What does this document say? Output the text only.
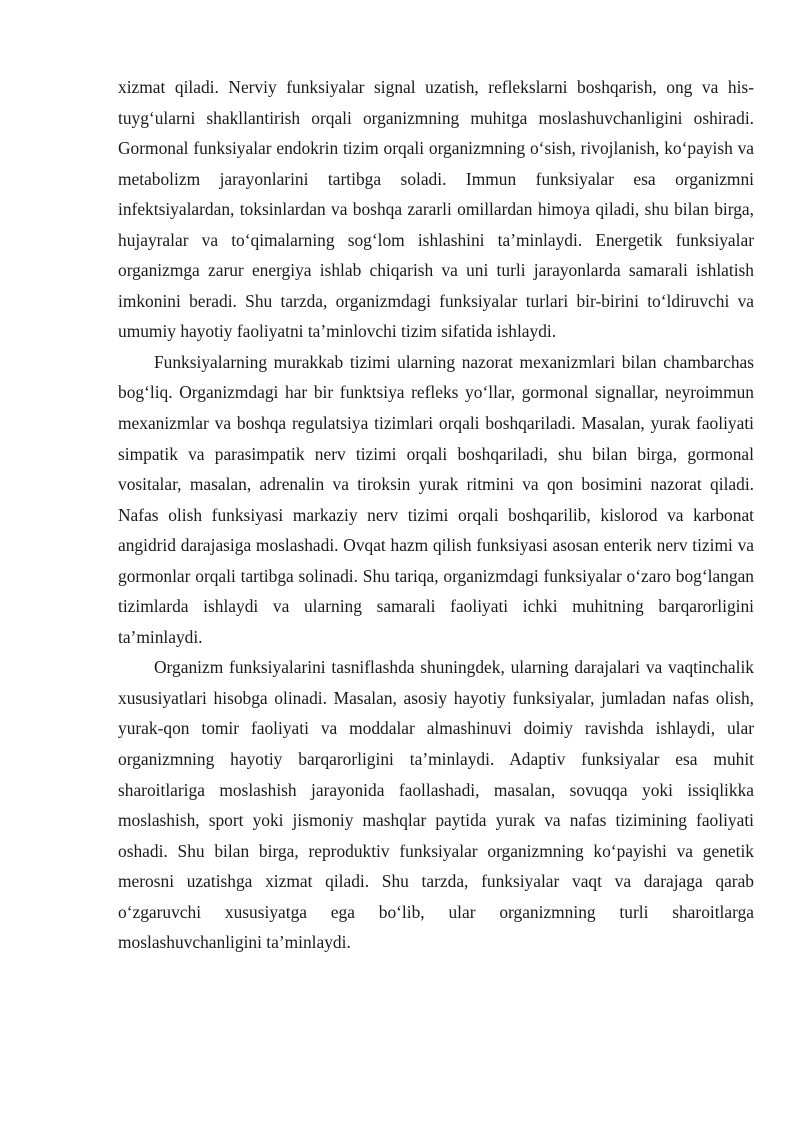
xizmat qiladi. Nerviy funksiyalar signal uzatish, reflekslarni boshqarish, ong va his-tuyg‘ularni shakllantirish orqali organizmning muhitga moslashuvchanligini oshiradi. Gormonal funksiyalar endokrin tizim orqali organizmning o‘sish, rivojlanish, ko‘payish va metabolizm jarayonlarini tartibga soladi. Immun funksiyalar esa organizmni infektsiyalardan, toksinlardan va boshqa zararli omillardan himoya qiladi, shu bilan birga, hujayralar va to‘qimalarning sog‘lom ishlashini ta’minlaydi. Energetik funksiyalar organizmga zarur energiya ishlab chiqarish va uni turli jarayonlarda samarali ishlatish imkonini beradi. Shu tarzda, organizmdagi funksiyalar turlari bir-birini to‘ldiruvchi va umumiy hayotiy faoliyatni ta’minlovchi tizim sifatida ishlaydi.

Funksiyalarning murakkab tizimi ularning nazorat mexanizmlari bilan chambarchas bog‘liq. Organizmdagi har bir funktsiya refleks yo‘llar, gormonal signallar, neyroimmun mexanizmlar va boshqa regulatsiya tizimlari orqali boshqariladi. Masalan, yurak faoliyati simpatik va parasimpatik nerv tizimi orqali boshqariladi, shu bilan birga, gormonal vositalar, masalan, adrenalin va tiroksin yurak ritmini va qon bosimini nazorat qiladi. Nafas olish funksiyasi markaziy nerv tizimi orqali boshqarilib, kislorod va karbonat angidrid darajasiga moslashadi. Ovqat hazm qilish funksiyasi asosan enterik nerv tizimi va gormonlar orqali tartibga solinadi. Shu tariqa, organizmdagi funksiyalar o‘zaro bog‘langan tizimlarda ishlaydi va ularning samarali faoliyati ichki muhitning barqarorligini ta’minlaydi.

Organizm funksiyalarini tasniflashda shuningdek, ularning darajalari va vaqtinchalik xususiyatlari hisobga olinadi. Masalan, asosiy hayotiy funksiyalar, jumladan nafas olish, yurak-qon tomir faoliyati va moddalar almashinuvi doimiy ravishda ishlaydi, ular organizmning hayotiy barqarorligini ta’minlaydi. Adaptiv funksiyalar esa muhit sharoitlariga moslashish jarayonida faollashadi, masalan, sovuqqa yoki issiqlikka moslashish, sport yoki jismoniy mashqlar paytida yurak va nafas tizimining faoliyati oshadi. Shu bilan birga, reproduktiv funksiyalar organizmning ko‘payishi va genetik merosni uzatishga xizmat qiladi. Shu tarzda, funksiyalar vaqt va darajaga qarab o‘zgaruvchi xususiyatga ega bo‘lib, ular organizmning turli sharoitlarga moslashuvchanligini ta’minlaydi.
